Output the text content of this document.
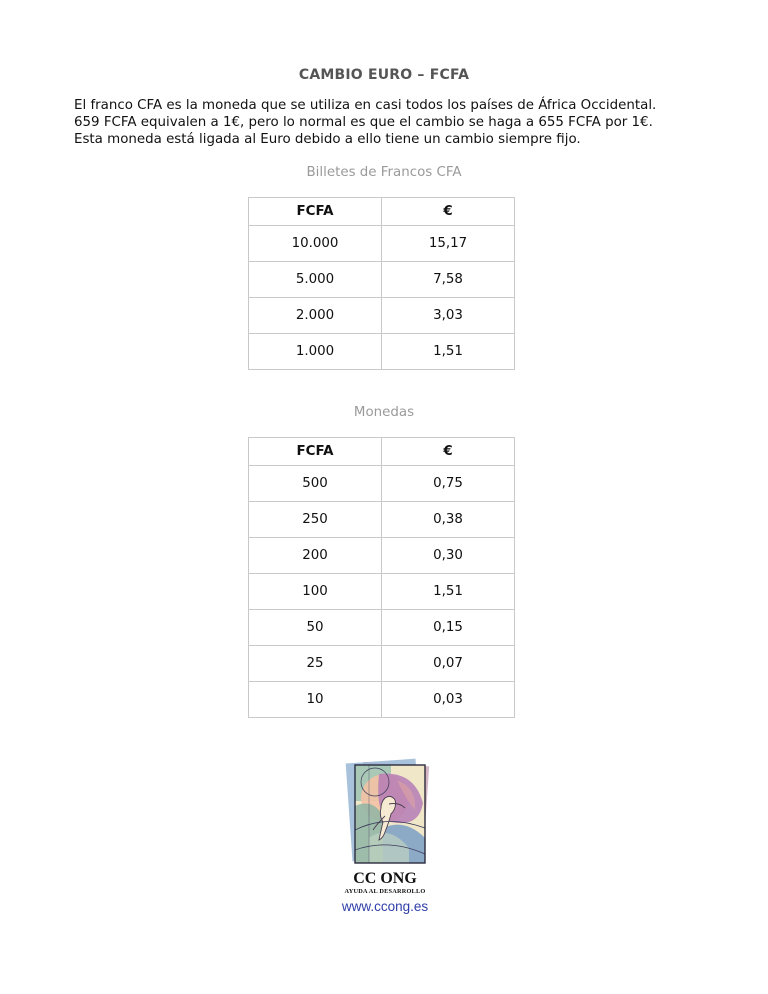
CAMBIO EURO – FCFA

El franco CFA es la moneda que se utiliza en casi todos los países de África Occidental.

659 FCFA equivalen a 1€, pero lo normal es que el cambio se haga a 655 FCFA por 1€.

Esta moneda está ligada al Euro debido a ello tiene un cambio siempre fijo.

Billetes de Francos CFA
FCFA	€
10.000	15,17
5.000	7,58
2.000	3,03
1.000	1,51
Monedas
FCFA	€
500	0,75
250	0,38
200	0,30
100	1,51
50	0,15
25	0,07
10	0,03
CC ONG
AYUDA AL DESARROLLO
www.ccong.es
